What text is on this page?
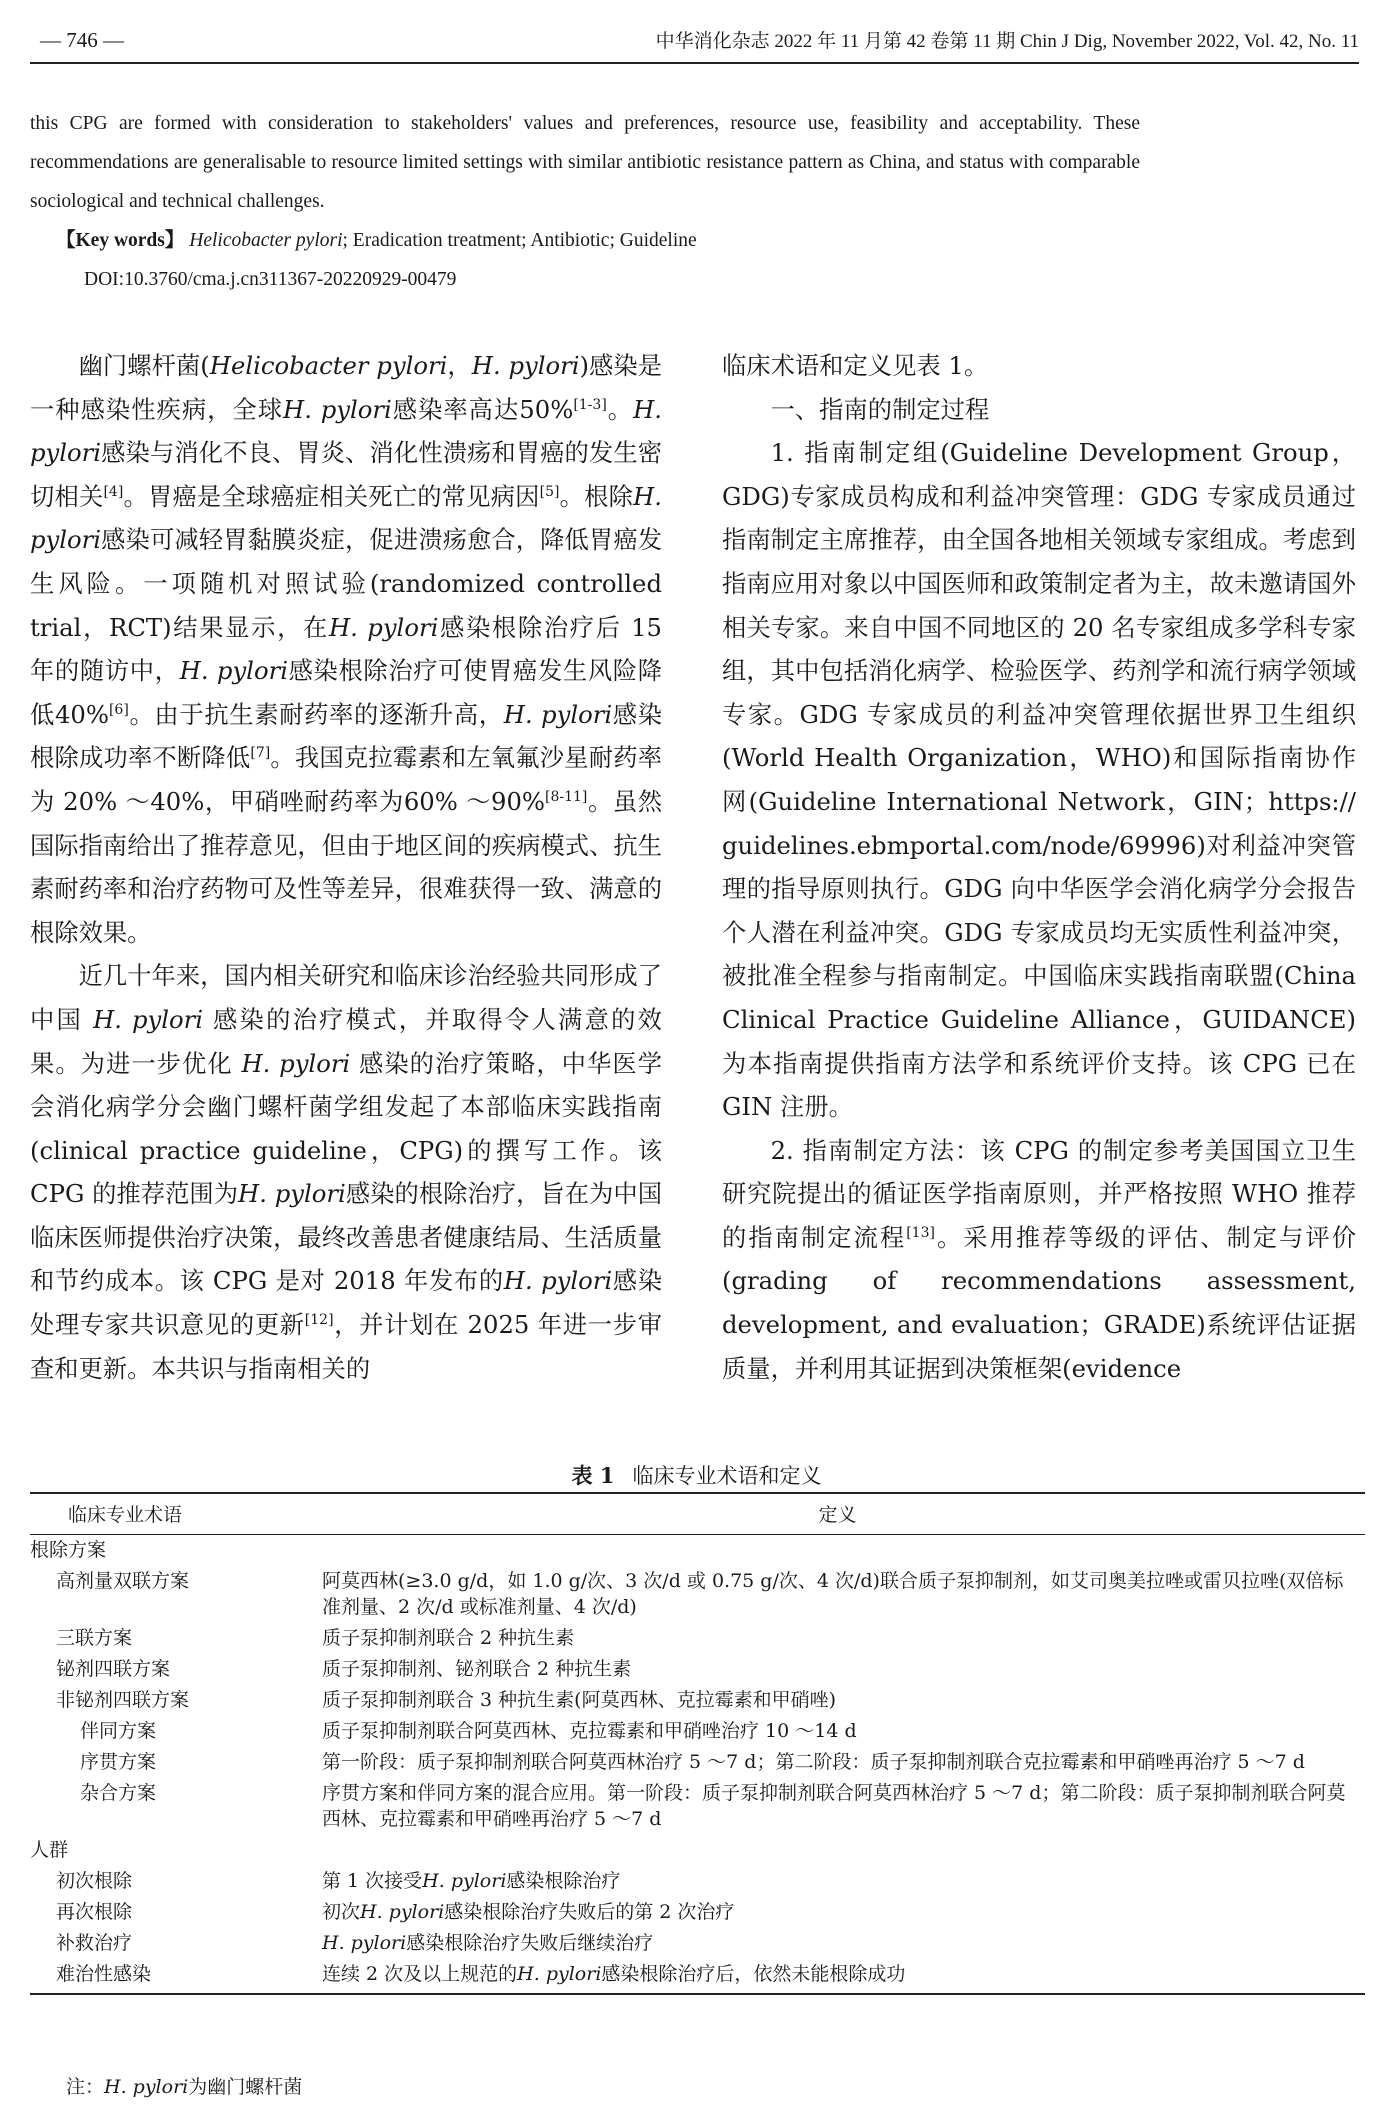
— 746 —	中华消化杂志 2022 年 11 月第 42 卷第 11 期 Chin J Dig, November 2022, Vol. 42, No. 11

this CPG are formed with consideration to stakeholders' values and preferences, resource use, feasibility and acceptability. These recommendations are generalisable to resource limited settings with similar antibiotic resistance pattern as China, and status with comparable sociological and technical challenges.

【Key words】 Helicobacter pylori; Eradication treatment; Antibiotic; Guideline

DOI:10.3760/cma.j.cn311367-20220929-00479

幽门螺杆菌(Helicobacter pylori，H. pylori)感染是一种感染性疾病，全球H. pylori感染率高达50%[1-3]。H. pylori感染与消化不良、胃炎、消化性溃疡和胃癌的发生密切相关[4]。胃癌是全球癌症相关死亡的常见病因[5]。根除H. pylori感染可减轻胃黏膜炎症，促进溃疡愈合，降低胃癌发生风险。一项随机对照试验(randomized controlled trial，RCT)结果显示，在H. pylori感染根除治疗后 15 年的随访中，H. pylori感染根除治疗可使胃癌发生风险降低40%[6]。由于抗生素耐药率的逐渐升高，H. pylori感染根除成功率不断降低[7]。我国克拉霉素和左氧氟沙星耐药率为 20% ～40%，甲硝唑耐药率为60% ～90%[8-11]。虽然国际指南给出了推荐意见，但由于地区间的疾病模式、抗生素耐药率和治疗药物可及性等差异，很难获得一致、满意的根除效果。

近几十年来，国内相关研究和临床诊治经验共同形成了中国 H. pylori 感染的治疗模式，并取得令人满意的效果。为进一步优化 H. pylori 感染的治疗策略，中华医学会消化病学分会幽门螺杆菌学组发起了本部临床实践指南(clinical practice guideline，CPG)的撰写工作。该 CPG 的推荐范围为H. pylori感染的根除治疗，旨在为中国临床医师提供治疗决策，最终改善患者健康结局、生活质量和节约成本。该 CPG 是对 2018 年发布的H. pylori感染处理专家共识意见的更新[12]，并计划在 2025 年进一步审查和更新。本共识与指南相关的

临床术语和定义见表 1。

一、指南的制定过程

1. 指南制定组(Guideline Development Group，GDG)专家成员构成和利益冲突管理：GDG 专家成员通过指南制定主席推荐，由全国各地相关领域专家组成。考虑到指南应用对象以中国医师和政策制定者为主，故未邀请国外相关专家。来自中国不同地区的 20 名专家组成多学科专家组，其中包括消化病学、检验医学、药剂学和流行病学领域专家。GDG 专家成员的利益冲突管理依据世界卫生组织(World Health Organization，WHO)和国际指南协作网(Guideline International Network，GIN；https:// guidelines.ebmportal.com/node/69996)对利益冲突管理的指导原则执行。GDG 向中华医学会消化病学分会报告个人潜在利益冲突。GDG 专家成员均无实质性利益冲突，被批准全程参与指南制定。中国临床实践指南联盟(China Clinical Practice Guideline Alliance，GUIDANCE)为本指南提供指南方法学和系统评价支持。该 CPG 已在 GIN 注册。

2. 指南制定方法：该 CPG 的制定参考美国国立卫生研究院提出的循证医学指南原则，并严格按照 WHO 推荐的指南制定流程[13]。采用推荐等级的评估、制定与评价(grading of recommendations assessment, development, and evaluation；GRADE)系统评估证据质量，并利用其证据到决策框架(evidence

表 1 临床专业术语和定义
临床专业术语	定义
根除方案	
高剂量双联方案	阿莫西林(≥3.0 g/d，如 1.0 g/次、3 次/d 或 0.75 g/次、4 次/d)联合质子泵抑制剂，如艾司奥美拉唑或雷贝拉唑(双倍标准剂量、2 次/d 或标准剂量、4 次/d)
三联方案	质子泵抑制剂联合 2 种抗生素
铋剂四联方案	质子泵抑制剂、铋剂联合 2 种抗生素
非铋剂四联方案	质子泵抑制剂联合 3 种抗生素(阿莫西林、克拉霉素和甲硝唑)
伴同方案	质子泵抑制剂联合阿莫西林、克拉霉素和甲硝唑治疗 10 ～14 d
序贯方案	第一阶段：质子泵抑制剂联合阿莫西林治疗 5 ～7 d；第二阶段：质子泵抑制剂联合克拉霉素和甲硝唑再治疗 5 ～7 d
杂合方案	序贯方案和伴同方案的混合应用。第一阶段：质子泵抑制剂联合阿莫西林治疗 5 ～7 d；第二阶段：质子泵抑制剂联合阿莫西林、克拉霉素和甲硝唑再治疗 5 ～7 d
人群	
初次根除	第 1 次接受H. pylori感染根除治疗
再次根除	初次H. pylori感染根除治疗失败后的第 2 次治疗
补救治疗	H. pylori感染根除治疗失败后继续治疗
难治性感染	连续 2 次及以上规范的H. pylori感染根除治疗后，依然未能根除成功
注：H. pylori为幽门螺杆菌
